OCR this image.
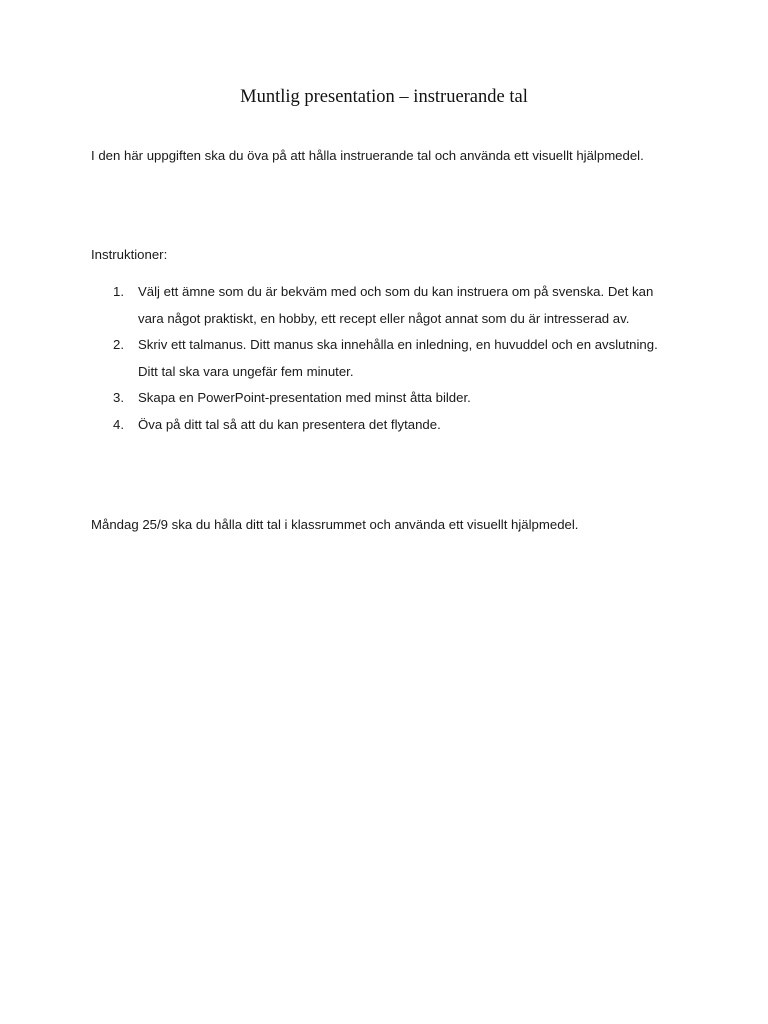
Muntlig presentation – instruerande tal

I den här uppgiften ska du öva på att hålla instruerande tal och använda ett visuellt hjälpmedel.

Instruktioner:

1. Välj ett ämne som du är bekväm med och som du kan instruera om på svenska. Det kan vara något praktiskt, en hobby, ett recept eller något annat som du är intresserad av.
2. Skriv ett talmanus. Ditt manus ska innehålla en inledning, en huvuddel och en avslutning. Ditt tal ska vara ungefär fem minuter.
3. Skapa en PowerPoint-presentation med minst åtta bilder.
4. Öva på ditt tal så att du kan presentera det flytande.

Måndag 25/9 ska du hålla ditt tal i klassrummet och använda ett visuellt hjälpmedel.
